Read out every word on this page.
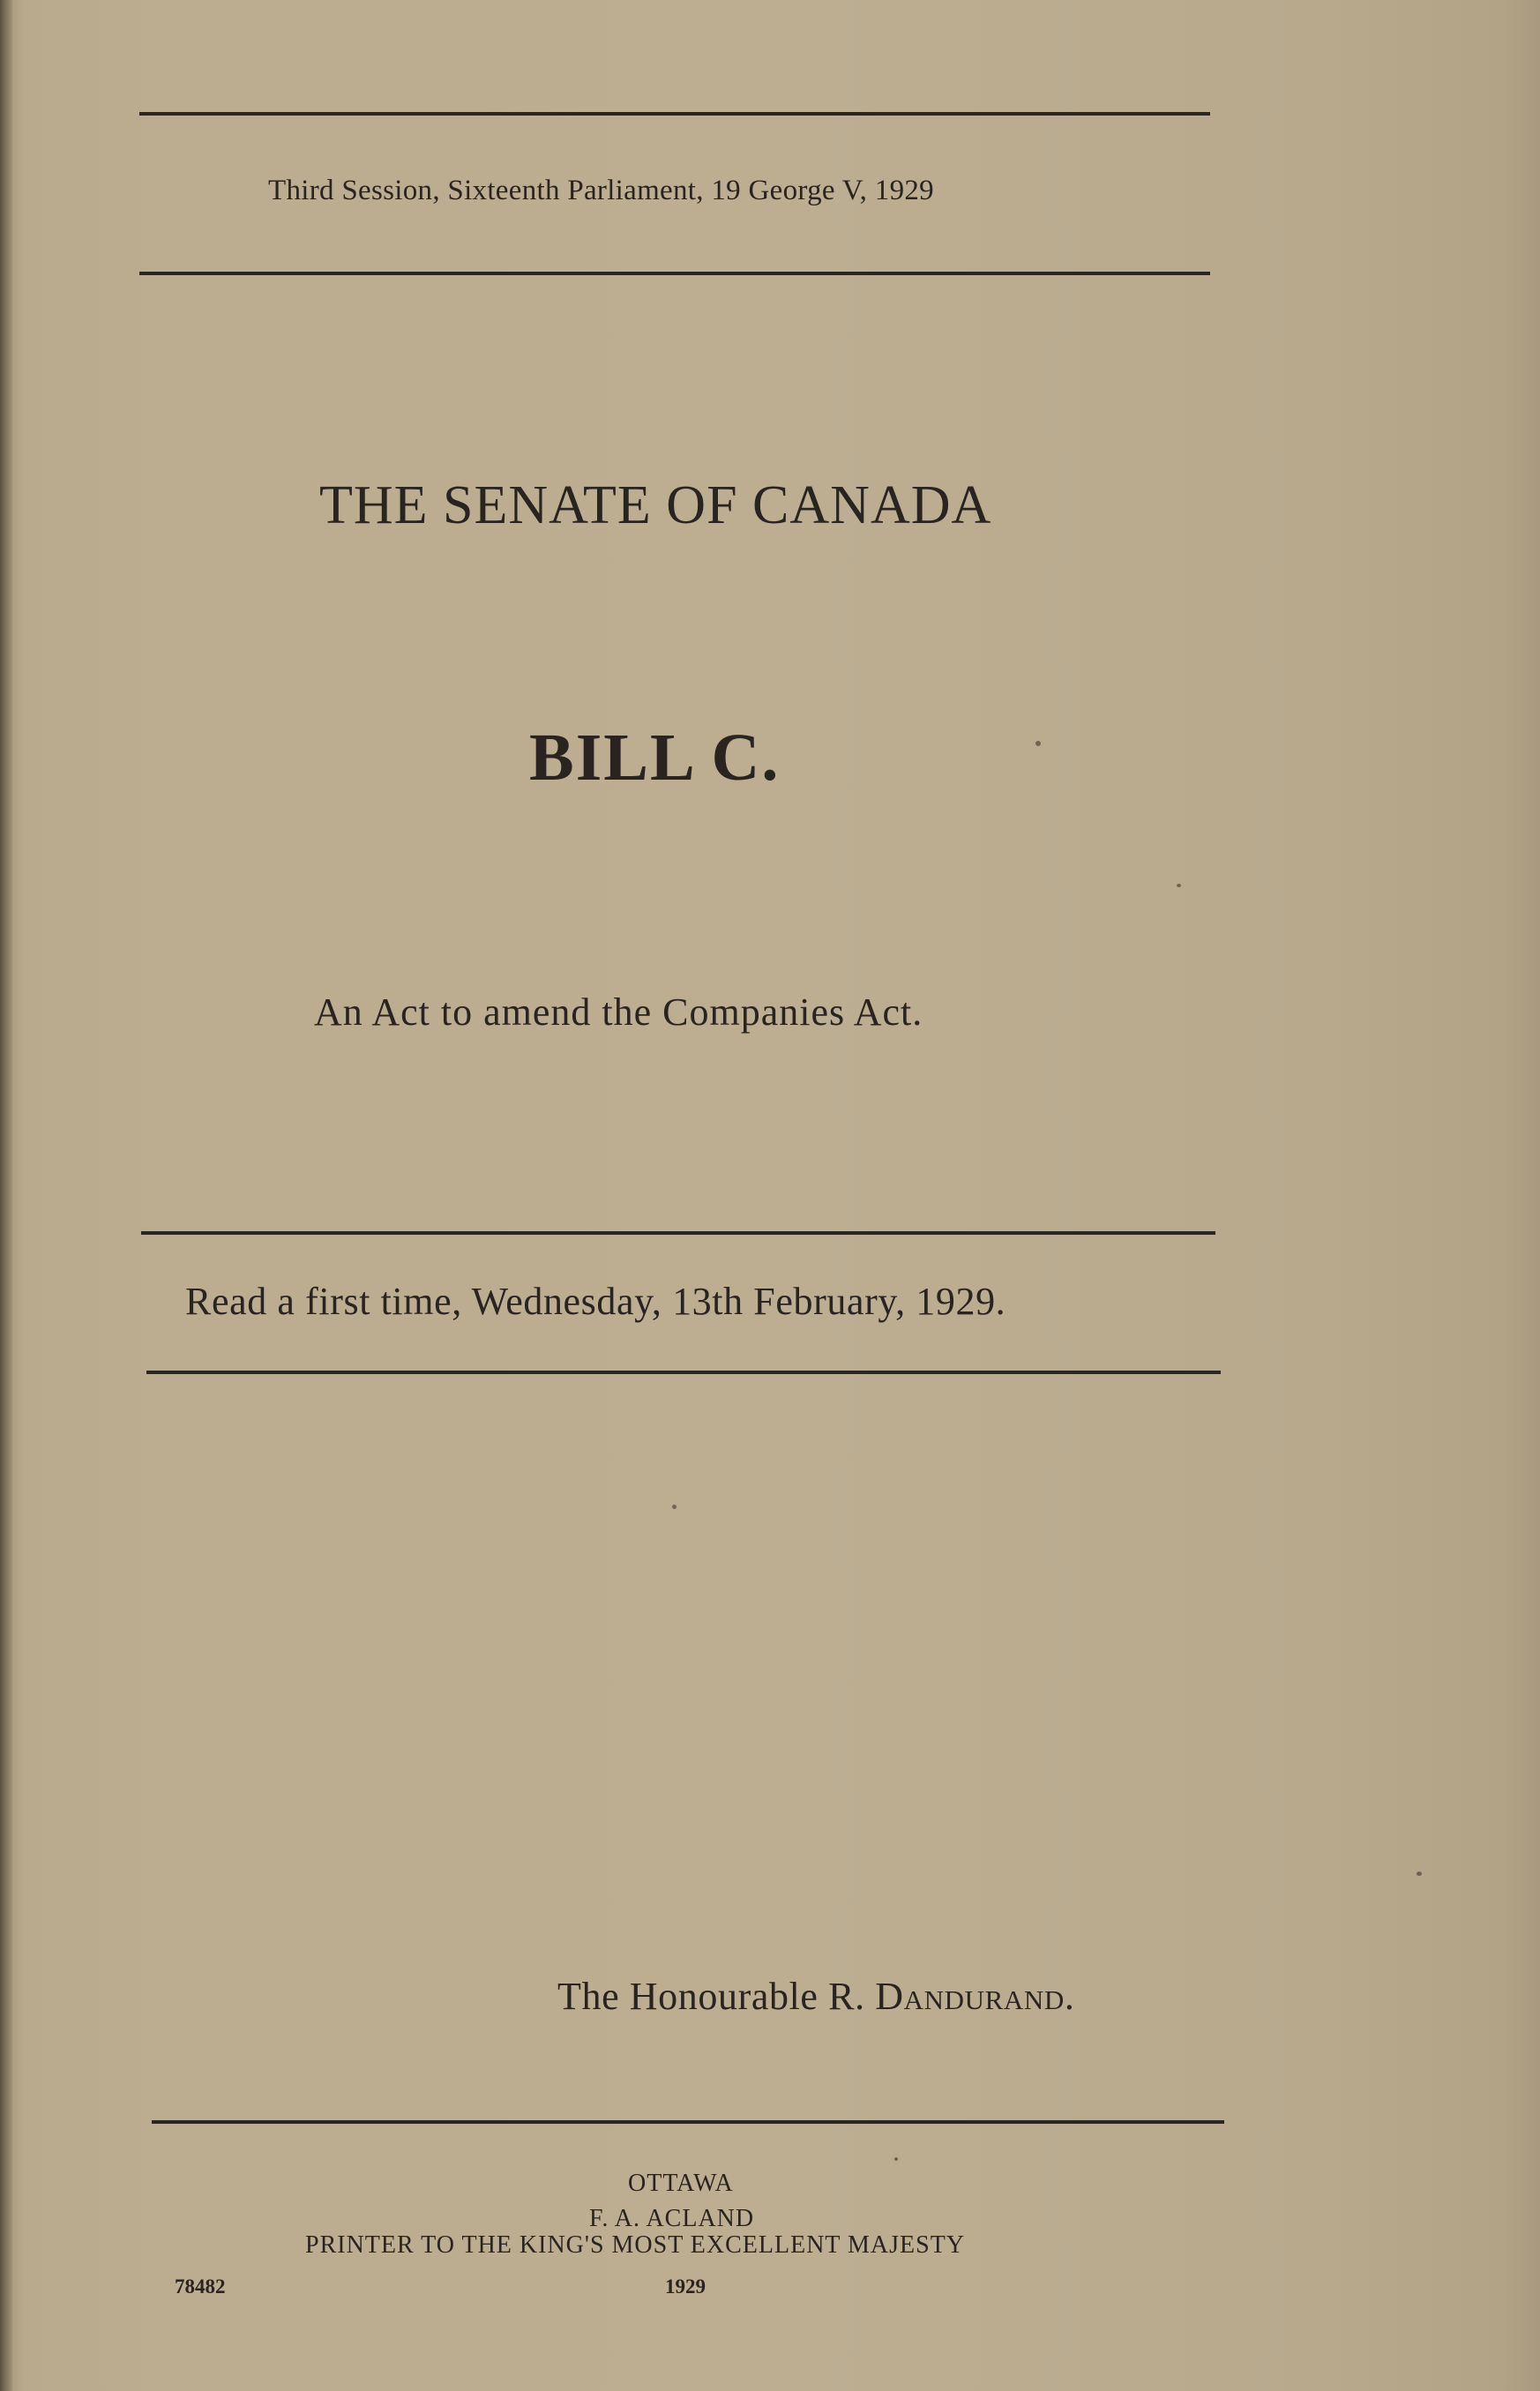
Third Session, Sixteenth Parliament, 19 George V, 1929
THE SENATE OF CANADA
BILL C.
An Act to amend the Companies Act.
Read a first time, Wednesday, 13th February, 1929.
The Honourable R. Dandurand.
OTTAWA
F. A. ACLAND
PRINTER TO THE KING'S MOST EXCELLENT MAJESTY
78482	1929
